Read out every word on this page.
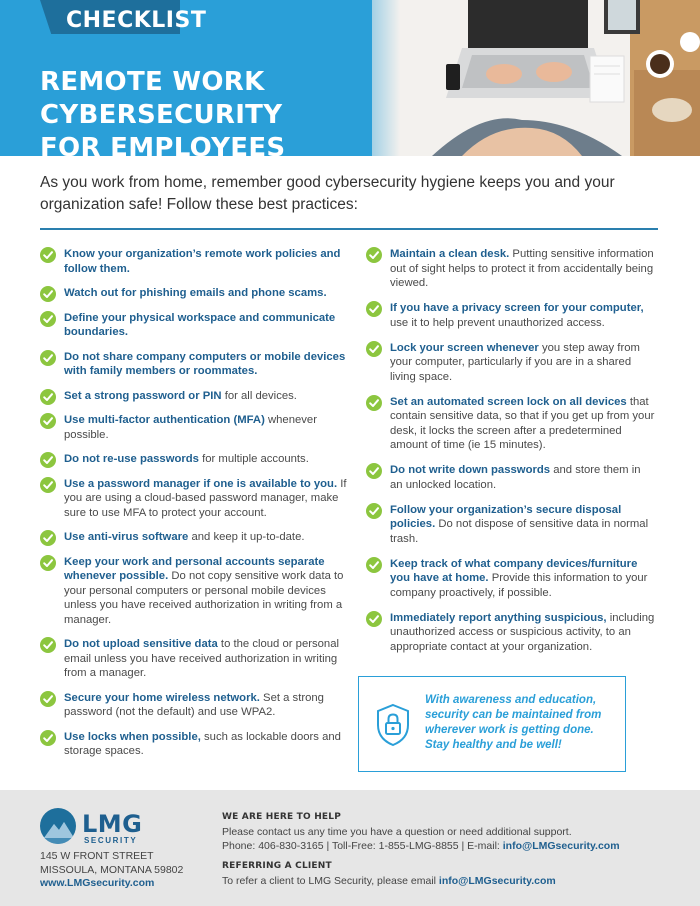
CHECKLIST
REMOTE WORK CYBERSECURITY
FOR EMPLOYEES
As you work from home, remember good cybersecurity hygiene keeps you and your organization safe! Follow these best practices:
Know your organization’s remote work policies and follow them.
Watch out for phishing emails and phone scams.
Define your physical workspace and communicate boundaries.
Do not share company computers or mobile devices with family members or roommates.
Set a strong password or PIN for all devices.
Use multi-factor authentication (MFA) whenever possible.
Do not re-use passwords for multiple accounts.
Use a password manager if one is available to you. If you are using a cloud-based password manager, make sure to use MFA to protect your account.
Use anti-virus software and keep it up-to-date.
Keep your work and personal accounts separate whenever possible. Do not copy sensitive work data to your personal computers or personal mobile devices unless you have received authorization in writing from a manager.
Do not upload sensitive data to the cloud or personal email unless you have received authorization in writing from a manager.
Secure your home wireless network. Set a strong password (not the default) and use WPA2.
Use locks when possible, such as lockable doors and storage spaces.
Maintain a clean desk. Putting sensitive information out of sight helps to protect it from accidentally being viewed.
If you have a privacy screen for your computer, use it to help prevent unauthorized access.
Lock your screen whenever you step away from your computer, particularly if you are in a shared living space.
Set an automated screen lock on all devices that contain sensitive data, so that if you get up from your desk, it locks the screen after a predetermined amount of time (ie 15 minutes).
Do not write down passwords and store them in an unlocked location.
Follow your organization’s secure disposal policies. Do not dispose of sensitive data in normal trash.
Keep track of what company devices/furniture you have at home. Provide this information to your company proactively, if possible.
Immediately report anything suspicious, including unauthorized access or suspicious activity, to an appropriate contact at your organization.
With awareness and education, security can be maintained from wherever work is getting done. Stay healthy and be well!
LMG
SECURITY
145 W FRONT STREET
MISSOULA, MONTANA 59802
www.LMGsecurity.com
WE ARE HERE TO HELP
Please contact us any time you have a question or need additional support.
Phone: 406-830-3165 | Toll-Free: 1-855-LMG-8855 | E-mail: info@LMGsecurity.com
REFERRING A CLIENT
To refer a client to LMG Security, please email info@LMGsecurity.com
